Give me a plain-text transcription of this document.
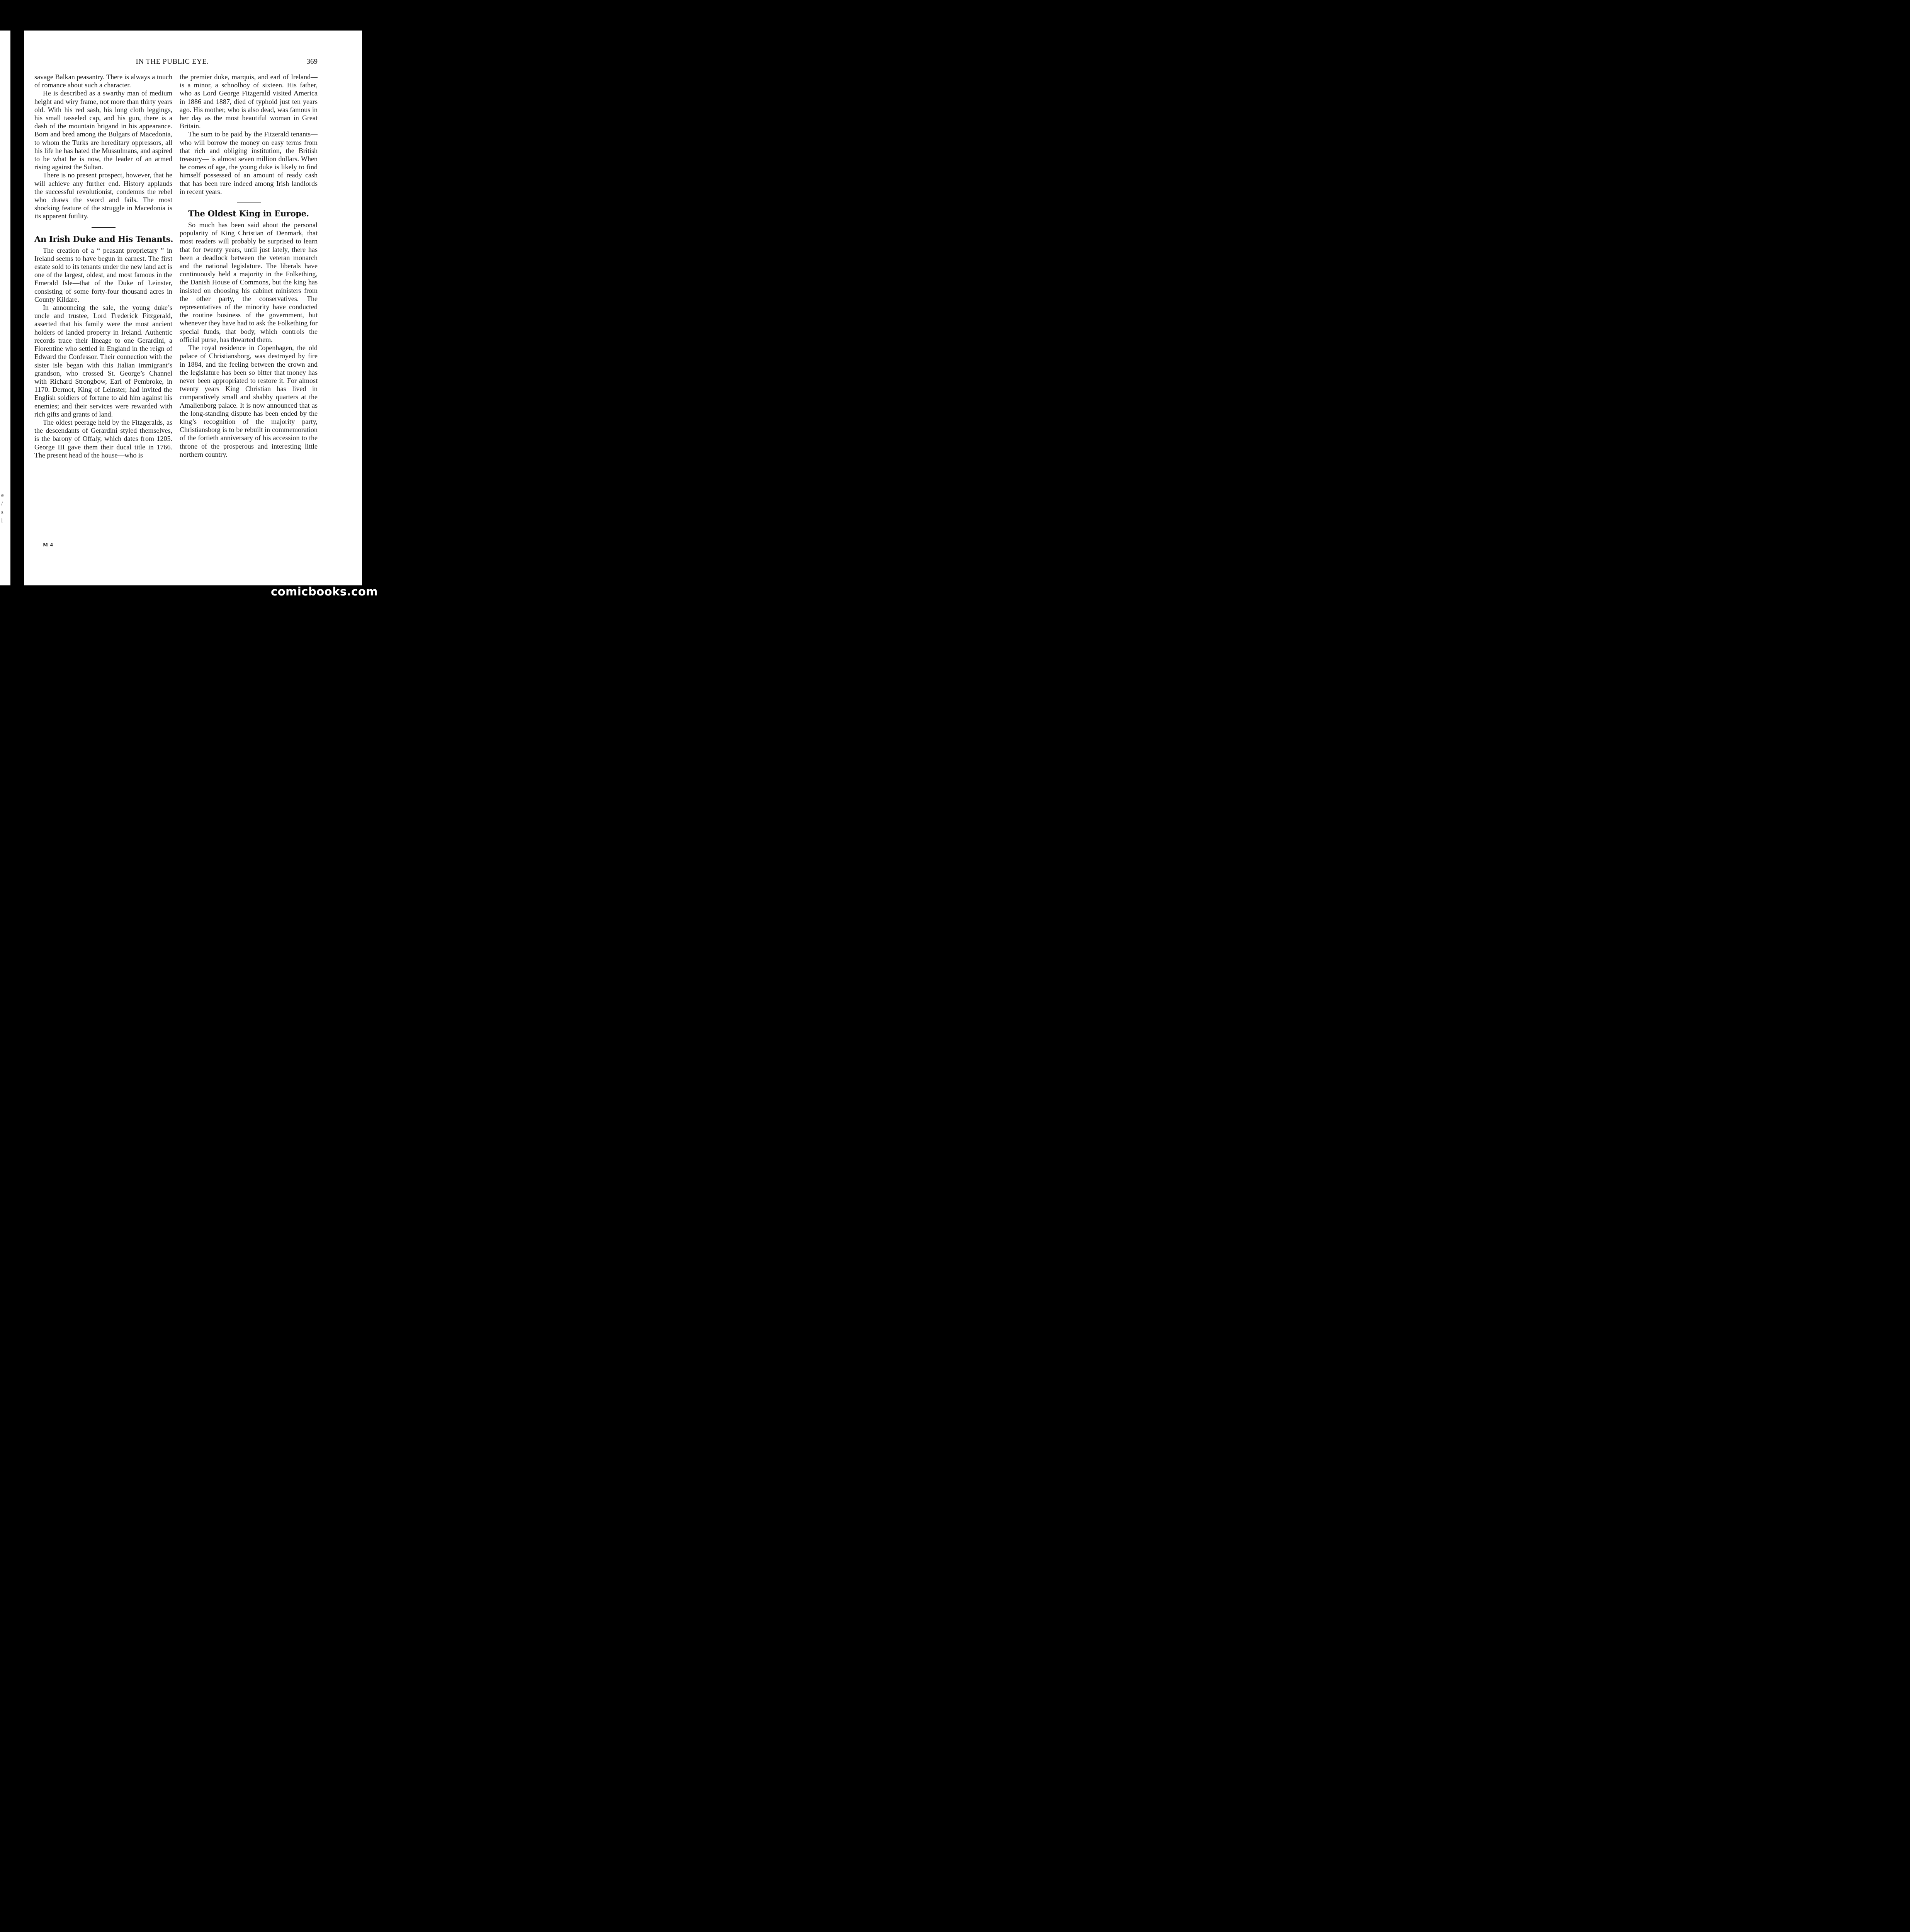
e
/
s
l
IN THE PUBLIC EYE.	369

savage Balkan peasantry. There is always a touch of romance about such a character.

He is described as a swarthy man of medium height and wiry frame, not more than thirty years old. With his red sash, his long cloth leggings, his small tasseled cap, and his gun, there is a dash of the mountain brigand in his appearance. Born and bred among the Bulgars of Macedonia, to whom the Turks are hereditary oppressors, all his life he has hated the Mussulmans, and aspired to be what he is now, the leader of an armed rising against the Sultan.

There is no present prospect, however, that he will achieve any further end. History applauds the successful revolutionist, condemns the rebel who draws the sword and fails. The most shocking feature of the struggle in Macedonia is its apparent futility.

An Irish Duke and His Tenants.

The creation of a “ peasant proprietary ” in Ireland seems to have begun in earnest. The first estate sold to its tenants under the new land act is one of the largest, oldest, and most famous in the Emerald Isle—that of the Duke of Leinster, consisting of some forty-four thousand acres in County Kildare.

In announcing the sale, the young duke’s uncle and trustee, Lord Frederick Fitzgerald, asserted that his family were the most ancient holders of landed property in Ireland. Authentic records trace their lineage to one Gerardini, a Florentine who settled in England in the reign of Edward the Confessor. Their connection with the sister isle began with this Italian immigrant’s grandson, who crossed St. George’s Channel with Richard Strongbow, Earl of Pembroke, in 1170. Dermot, King of Leinster, had invited the English soldiers of fortune to aid him against his enemies; and their services were rewarded with rich gifts and grants of land.

The oldest peerage held by the Fitzgeralds, as the descendants of Gerardini styled themselves, is the barony of Offaly, which dates from 1205. George III gave them their ducal title in 1766. The present head of the house—who is

the premier duke, marquis, and earl of Ireland—is a minor, a schoolboy of sixteen. His father, who as Lord George Fitzgerald visited America in 1886 and 1887, died of typhoid just ten years ago. His mother, who is also dead, was famous in her day as the most beautiful woman in Great Britain.

The sum to be paid by the Fitzerald tenants—who will borrow the money on easy terms from that rich and obliging institution, the British treasury— is almost seven million dollars. When he comes of age, the young duke is likely to find himself possessed of an amount of ready cash that has been rare indeed among Irish landlords in recent years.

The Oldest King in Europe.

So much has been said about the personal popularity of King Christian of Denmark, that most readers will probably be surprised to learn that for twenty years, until just lately, there has been a deadlock between the veteran monarch and the national legislature. The liberals have continuously held a majority in the Folkething, the Danish House of Commons, but the king has insisted on choosing his cabinet ministers from the other party, the conservatives. The representatives of the minority have conducted the routine business of the government, but whenever they have had to ask the Folkething for special funds, that body, which controls the official purse, has thwarted them.

The royal residence in Copenhagen, the old palace of Christiansborg, was destroyed by fire in 1884, and the feeling between the crown and the legislature has been so bitter that money has never been appropriated to restore it. For almost twenty years King Christian has lived in comparatively small and shabby quarters at the Amalienborg palace. It is now announced that as the long-standing dispute has been ended by the king’s recognition of the majority party, Christiansborg is to be rebuilt in commemoration of the fortieth anniversary of his accession to the throne of the prosperous and interesting little northern country.

M 4
comicbooks.com
